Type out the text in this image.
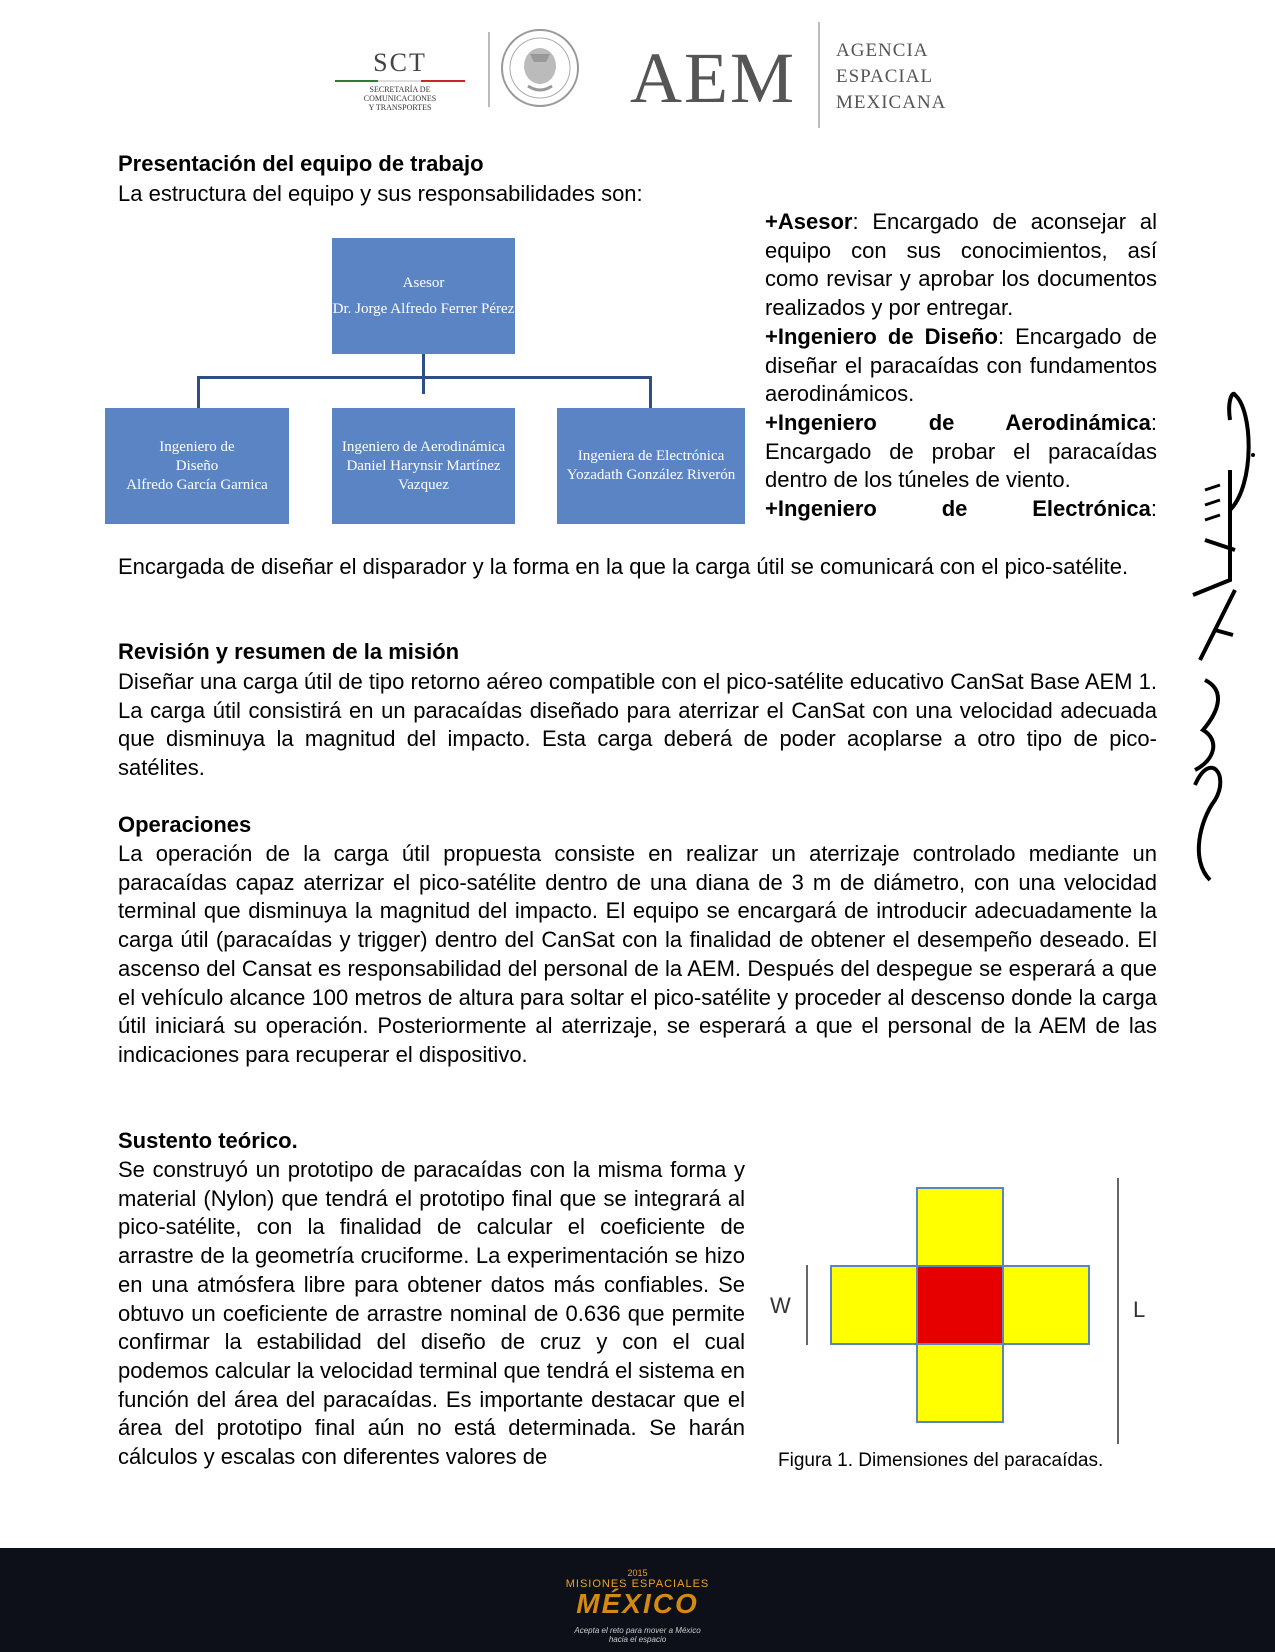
SCT
SECRETARÍA DE
COMUNICACIONES
Y TRANSPORTES	AEM AGENCIA
ESPACIAL
MEXICANA
Presentación del equipo de trabajo
La estructura del equipo y sus responsabilidades son:
Asesor
Dr. Jorge Alfredo Ferrer Pérez
Ingeniero de
Diseño
Alfredo García Garnica
Ingeniero de Aerodinámica
Daniel Harynsir Martínez
Vazquez
Ingeniera de Electrónica
Yozadath González Riverón
+Asesor: Encargado de aconsejar al equipo con sus conocimientos, así como revisar y aprobar los documentos realizados y por entregar.
+Ingeniero de Diseño: Encargado de diseñar el paracaídas con fundamentos aerodinámicos.
+Ingeniero de Aerodinámica:
Encargado de probar el paracaídas dentro de los túneles de viento.
+Ingeniero de Electrónica:
Encargada de diseñar el disparador y la forma en la que la carga útil se comunicará con el pico-satélite.
Revisión y resumen de la misión
Diseñar una carga útil de tipo retorno aéreo compatible con el pico-satélite educativo CanSat Base AEM 1. La carga útil consistirá en un paracaídas diseñado para aterrizar el CanSat con una velocidad adecuada que disminuya la magnitud del impacto. Esta carga deberá de poder acoplarse a otro tipo de pico-satélites.
Operaciones
La operación de la carga útil propuesta consiste en realizar un aterrizaje controlado mediante un paracaídas capaz aterrizar el pico-satélite dentro de una diana de 3 m de diámetro, con una velocidad terminal que disminuya la magnitud del impacto. El equipo se encargará de introducir adecuadamente la carga útil (paracaídas y trigger) dentro del CanSat con la finalidad de obtener el desempeño deseado. El ascenso del Cansat es responsabilidad del personal de la AEM. Después del despegue se esperará a que el vehículo alcance 100 metros de altura para soltar el pico-satélite y proceder al descenso donde la carga útil iniciará su operación. Posteriormente al aterrizaje, se esperará a que el personal de la AEM de las indicaciones para recuperar el dispositivo.
Sustento teórico.
Se construyó un prototipo de paracaídas con la misma forma y material (Nylon) que tendrá el prototipo final que se integrará al pico-satélite, con la finalidad de calcular el coeficiente de arrastre de la geometría cruciforme. La experimentación se hizo en una atmósfera libre para obtener datos más confiables. Se obtuvo un coeficiente de arrastre nominal de 0.636 que permite confirmar la estabilidad del diseño de cruz y con el cual podemos calcular la velocidad terminal que tendrá el sistema en función del área del paracaídas. Es importante destacar que el área del prototipo final aún no está determinada. Se harán cálculos y escalas con diferentes valores de
W	L
Figura 1. Dimensiones del paracaídas.
2015
MISIONES ESPACIALES
MÉXICO
Acepta el reto para mover a México
hacia el espacio
